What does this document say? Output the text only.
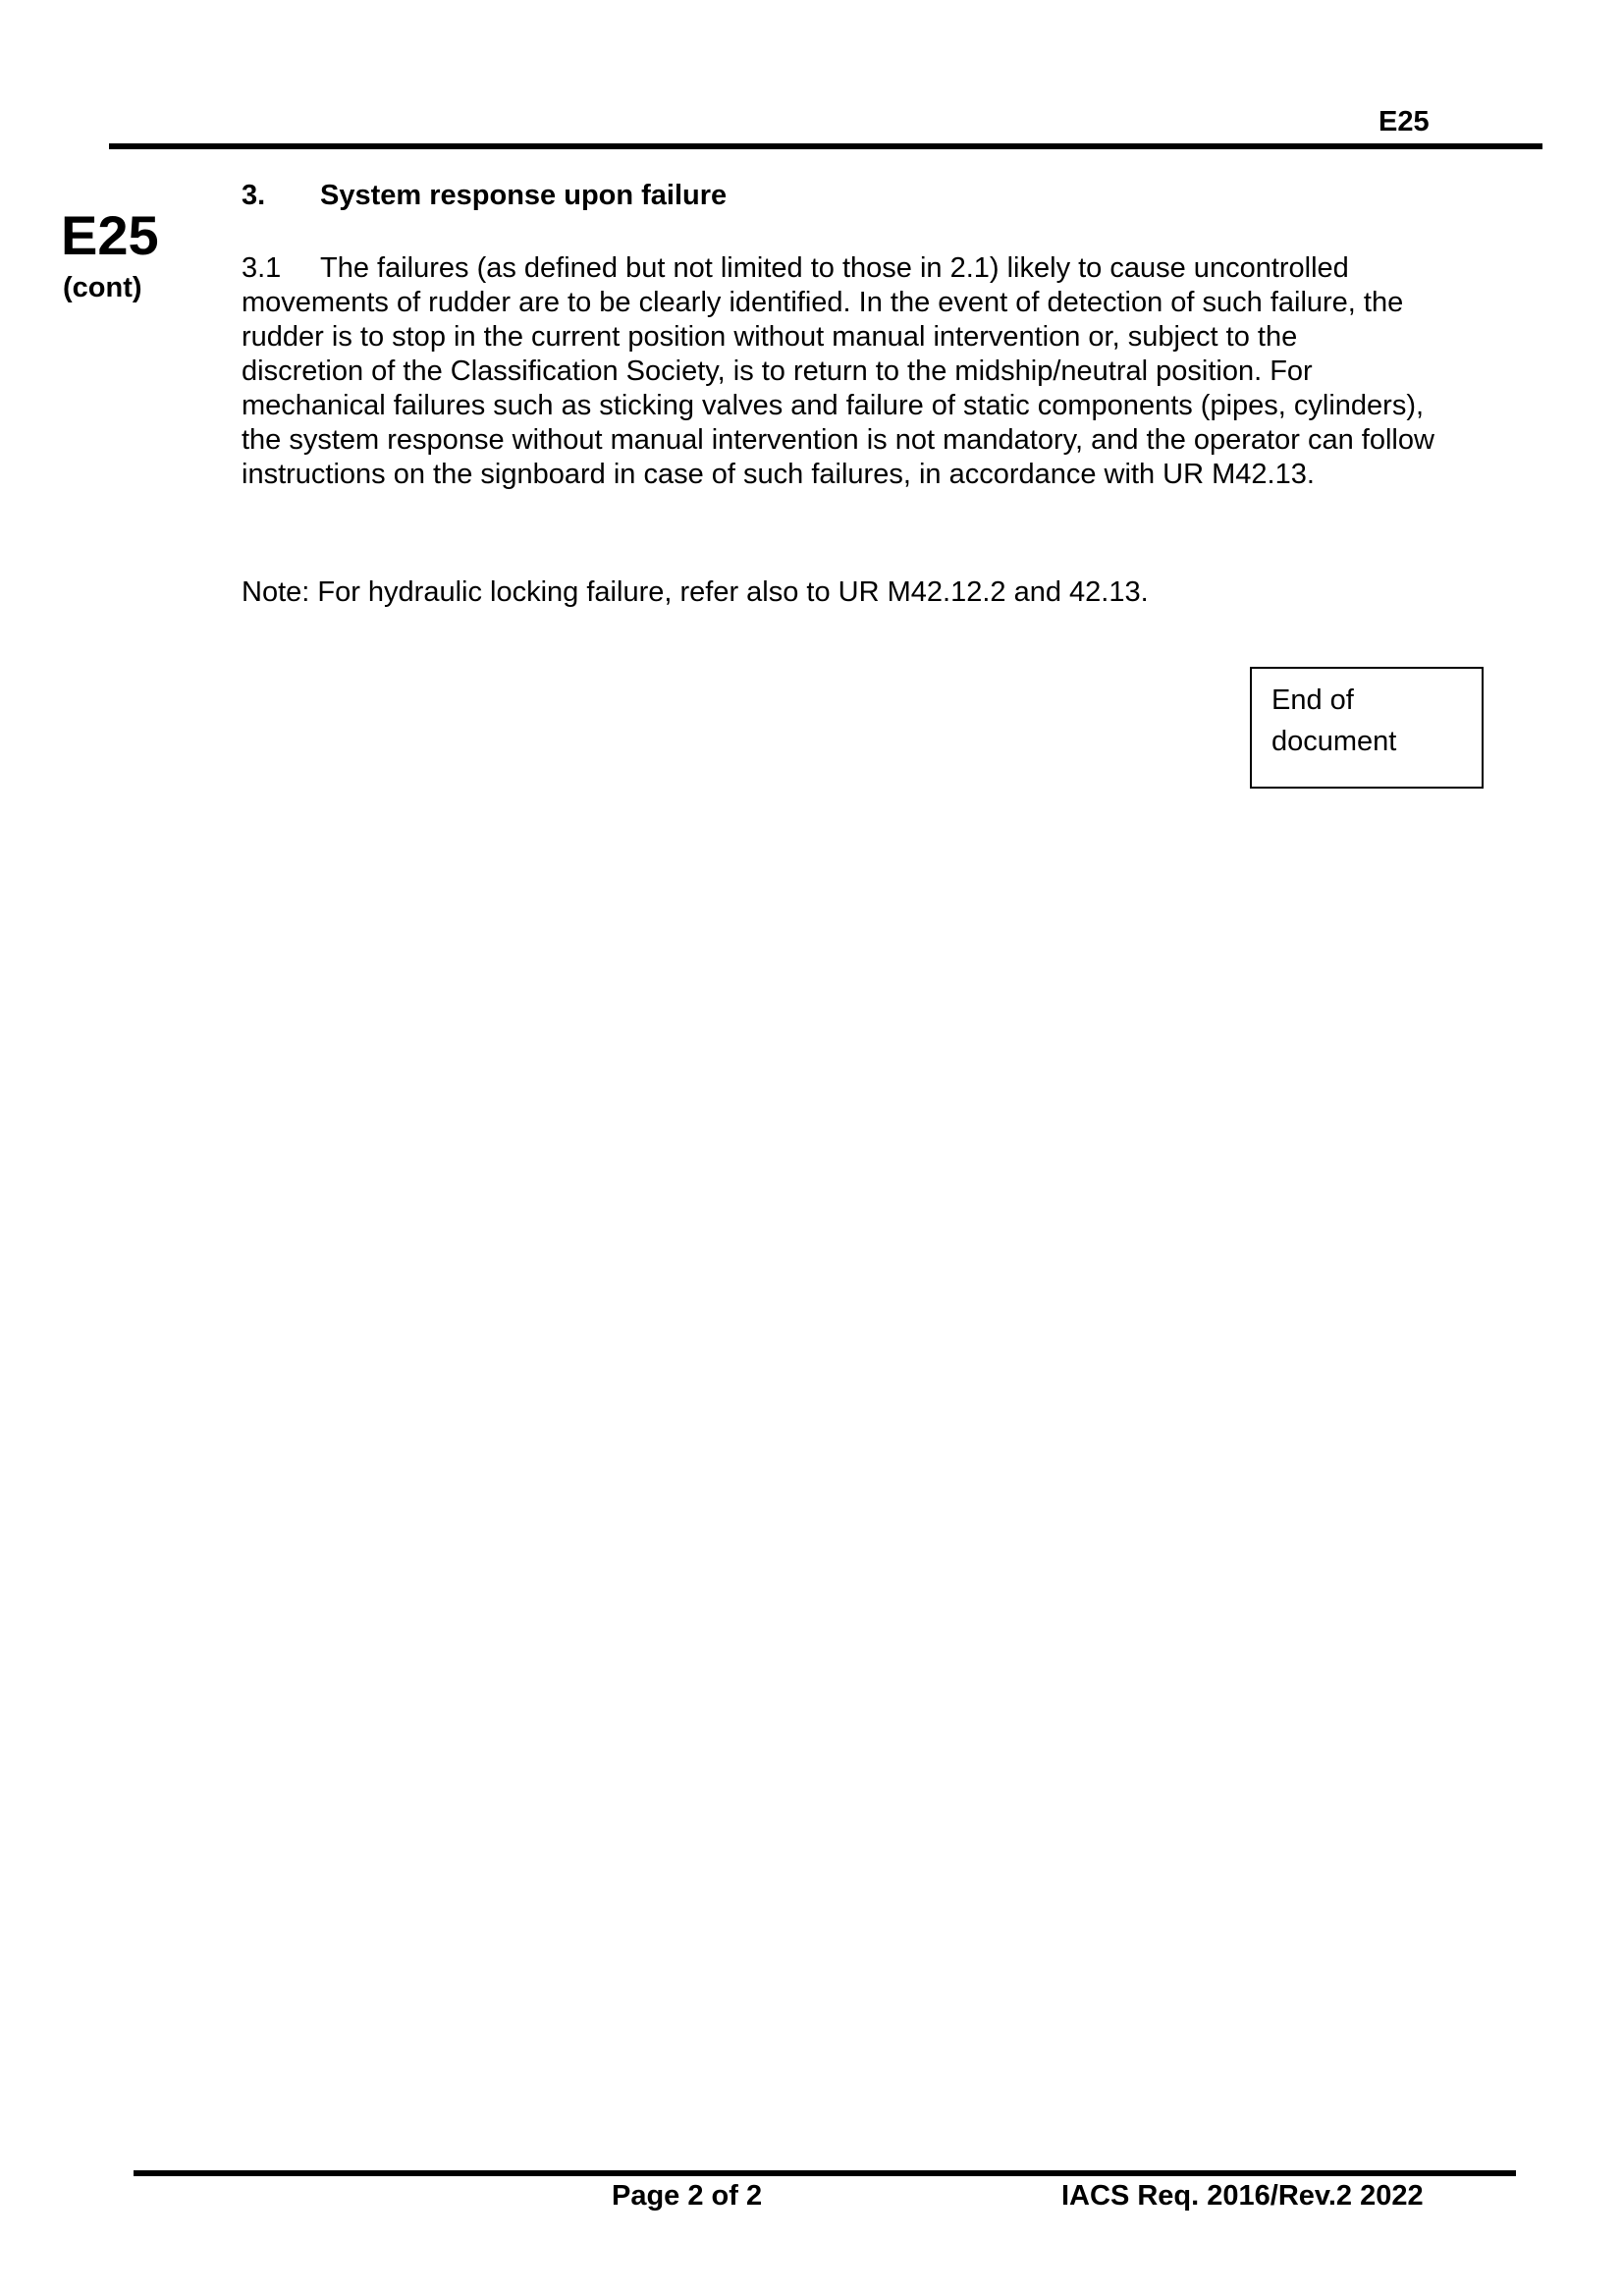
E25
E25
(cont)
3. System response upon failure
3.1 The failures (as defined but not limited to those in 2.1) likely to cause uncontrolled
movements of rudder are to be clearly identified. In the event of detection of such failure, the
rudder is to stop in the current position without manual intervention or, subject to the
discretion of the Classification Society, is to return to the midship/neutral position. For
mechanical failures such as sticking valves and failure of static components (pipes, cylinders),
the system response without manual intervention is not mandatory, and the operator can follow
instructions on the signboard in case of such failures, in accordance with UR M42.13.
Note: For hydraulic locking failure, refer also to UR M42.12.2 and 42.13.
End of
document
Page 2 of 2	IACS Req. 2016/Rev.2 2022
